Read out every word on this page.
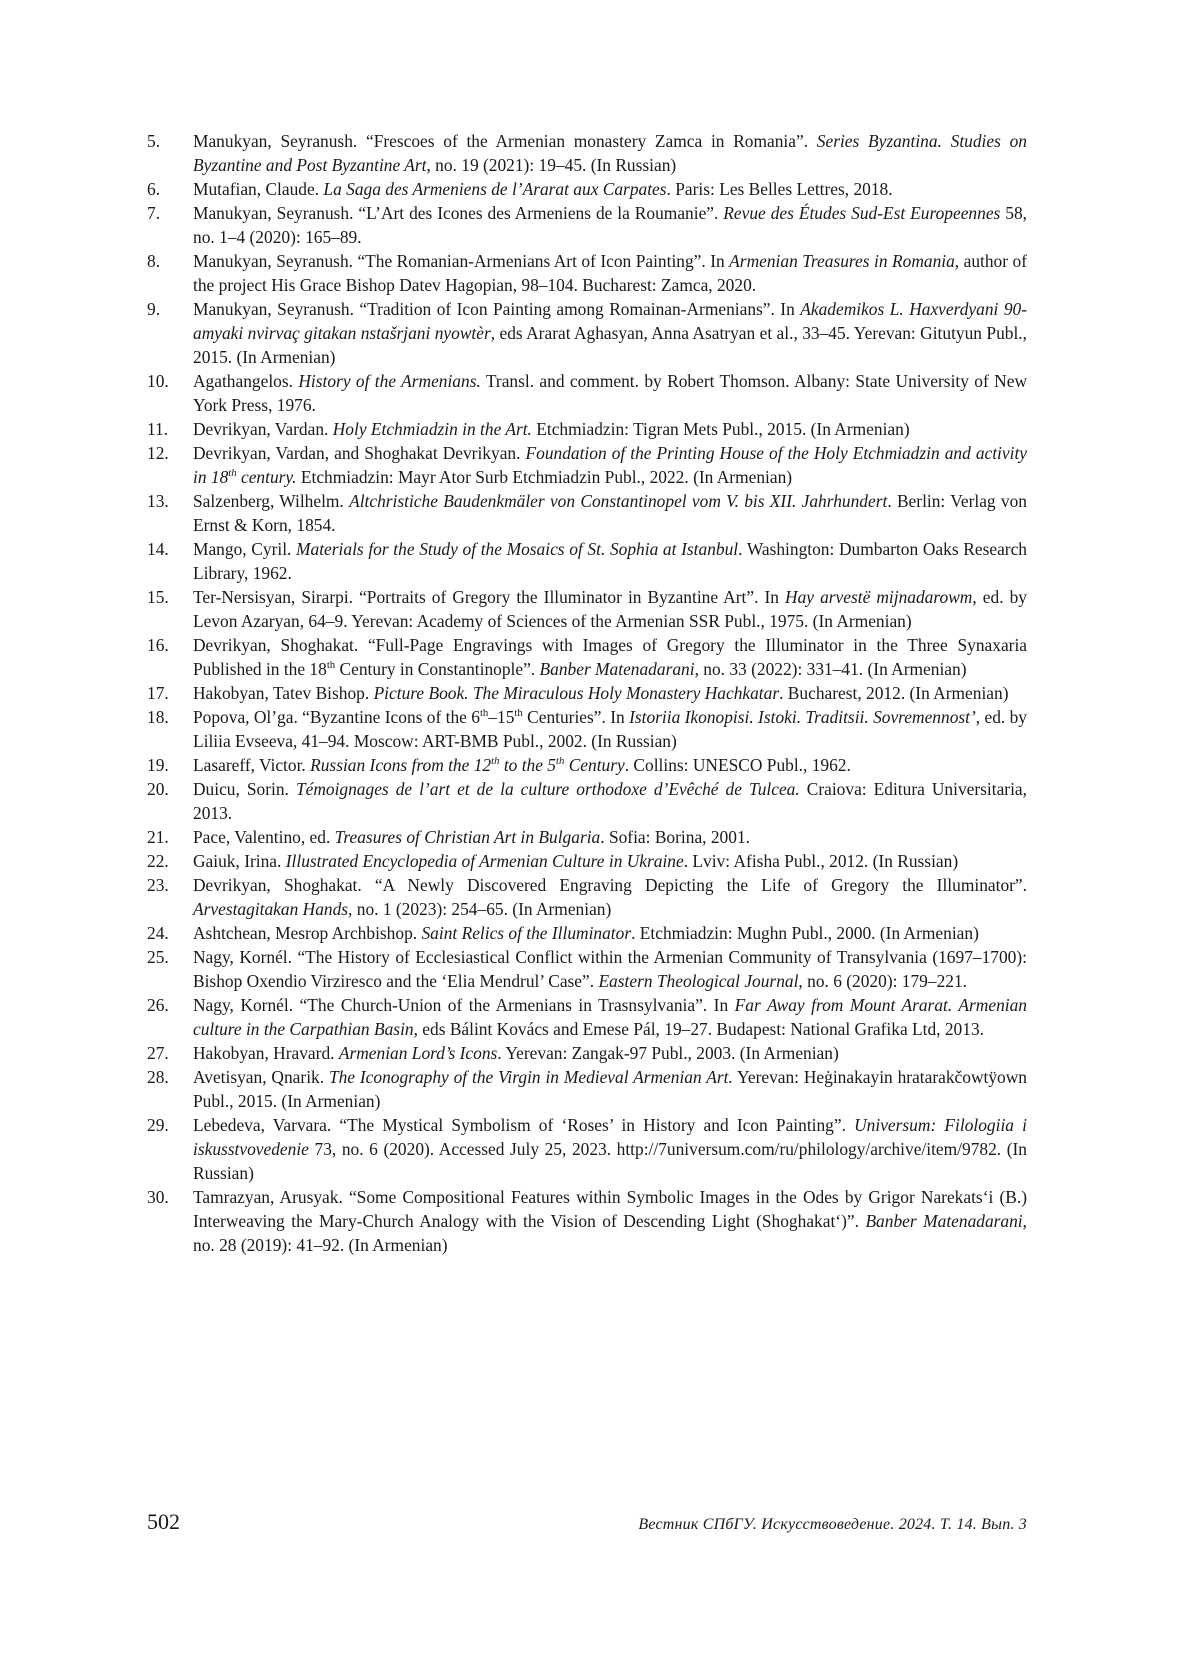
5.	Manukyan, Seyranush. “Frescoes of the Armenian monastery Zamca in Romania”. Series Byzantina. Studies on Byzantine and Post Byzantine Art, no. 19 (2021): 19–45. (In Russian)
6.	Mutafian, Claude. La Saga des Armeniens de l’Ararat aux Carpates. Paris: Les Belles Lettres, 2018.
7.	Manukyan, Seyranush. “L’Art des Icones des Armeniens de la Roumanie”. Revue des Études Sud-Est Europeennes 58, no. 1–4 (2020): 165–89.
8.	Manukyan, Seyranush. “The Romanian-Armenians Art of Icon Painting”. In Armenian Treasures in Romania, author of the project His Grace Bishop Datev Hagopian, 98–104. Bucharest: Zamca, 2020.
9.	Manukyan, Seyranush. “Tradition of Icon Painting among Romainan-Armenians”. In Akademikos L. Haxverdyani 90-amyaki nvirvaç gitakan nstašrjani nyowtèr, eds Ararat Aghasyan, Anna Asatryan et al., 33–45. Yerevan: Gitutyun Publ., 2015. (In Armenian)
10.	Agathangelos. History of the Armenians. Transl. and comment. by Robert Thomson. Albany: State University of New York Press, 1976.
11.	Devrikyan, Vardan. Holy Etchmiadzin in the Art. Etchmiadzin: Tigran Mets Publ., 2015. (In Armenian)
12.	Devrikyan, Vardan, and Shoghakat Devrikyan. Foundation of the Printing House of the Holy Etchmiadzin and activity in 18th century. Etchmiadzin: Mayr Ator Surb Etchmiadzin Publ., 2022. (In Armenian)
13.	Salzenberg, Wilhelm. Altchristiche Baudenkmäler von Constantinopel vom V. bis XII. Jahrhundert. Berlin: Verlag von Ernst & Korn, 1854.
14.	Mango, Cyril. Materials for the Study of the Mosaics of St. Sophia at Istanbul. Washington: Dumbarton Oaks Research Library, 1962.
15.	Ter-Nersisyan, Sirarpi. “Portraits of Gregory the Illuminator in Byzantine Art”. In Hay arvestë mijnadarowm, ed. by Levon Azaryan, 64–9. Yerevan: Academy of Sciences of the Armenian SSR Publ., 1975. (In Armenian)
16.	Devrikyan, Shoghakat. “Full-Page Engravings with Images of Gregory the Illuminator in the Three Synaxaria Published in the 18th Century in Constantinople”. Banber Matenadarani, no. 33 (2022): 331–41. (In Armenian)
17.	Hakobyan, Tatev Bishop. Picture Book. The Miraculous Holy Monastery Hachkatar. Bucharest, 2012. (In Armenian)
18.	Popova, Ol’ga. “Byzantine Icons of the 6th–15th Centuries”. In Istoriia Ikonopisi. Istoki. Traditsii. Sovremennost’, ed. by Liliia Evseeva, 41–94. Moscow: ART-BMB Publ., 2002. (In Russian)
19.	Lasareff, Victor. Russian Icons from the 12th to the 5th Century. Collins: UNESCO Publ., 1962.
20.	Duicu, Sorin. Témoignages de l’art et de la culture orthodoxe d’Evêché de Tulcea. Craiova: Editura Universitaria, 2013.
21.	Pace, Valentino, ed. Treasures of Christian Art in Bulgaria. Sofia: Borina, 2001.
22.	Gaiuk, Irina. Illustrated Encyclopedia of Armenian Culture in Ukraine. Lviv: Afisha Publ., 2012. (In Russian)
23.	Devrikyan, Shoghakat. “A Newly Discovered Engraving Depicting the Life of Gregory the Illuminator”. Arvestagitakan Hands, no. 1 (2023): 254–65. (In Armenian)
24.	Ashtchean, Mesrop Archbishop. Saint Relics of the Illuminator. Etchmiadzin: Mughn Publ., 2000. (In Armenian)
25.	Nagy, Kornél. “The History of Ecclesiastical Conflict within the Armenian Community of Transylvania (1697–1700): Bishop Oxendio Virziresco and the ‘Elia Mendrul’ Case”. Eastern Theological Journal, no. 6 (2020): 179–221.
26.	Nagy, Kornél. “The Church-Union of the Armenians in Trasnsylvania”. In Far Away from Mount Ararat. Armenian culture in the Carpathian Basin, eds Bálint Kovács and Emese Pál, 19–27. Budapest: National Grafika Ltd, 2013.
27.	Hakobyan, Hravard. Armenian Lord’s Icons. Yerevan: Zangak-97 Publ., 2003. (In Armenian)
28.	Avetisyan, Qnarik. The Iconography of the Virgin in Medieval Armenian Art. Yerevan: Heġinakayin hratarakčowtÿown Publ., 2015. (In Armenian)
29.	Lebedeva, Varvara. “The Mystical Symbolism of ‘Roses’ in History and Icon Painting”. Universum: Filologiia i iskusstvovedenie 73, no. 6 (2020). Accessed July 25, 2023. http://7universum.com/ru/philology/archive/item/9782. (In Russian)
30.	Tamrazyan, Arusyak. “Some Compositional Features within Symbolic Images in the Odes by Grigor Narekats‘i (B.) Interweaving the Mary-Church Analogy with the Vision of Descending Light (Shoghakat‘)”. Banber Matenadarani, no. 28 (2019): 41–92. (In Armenian)
502	Вестник СПбГУ. Искусствоведение. 2024. Т. 14. Вып. 3
